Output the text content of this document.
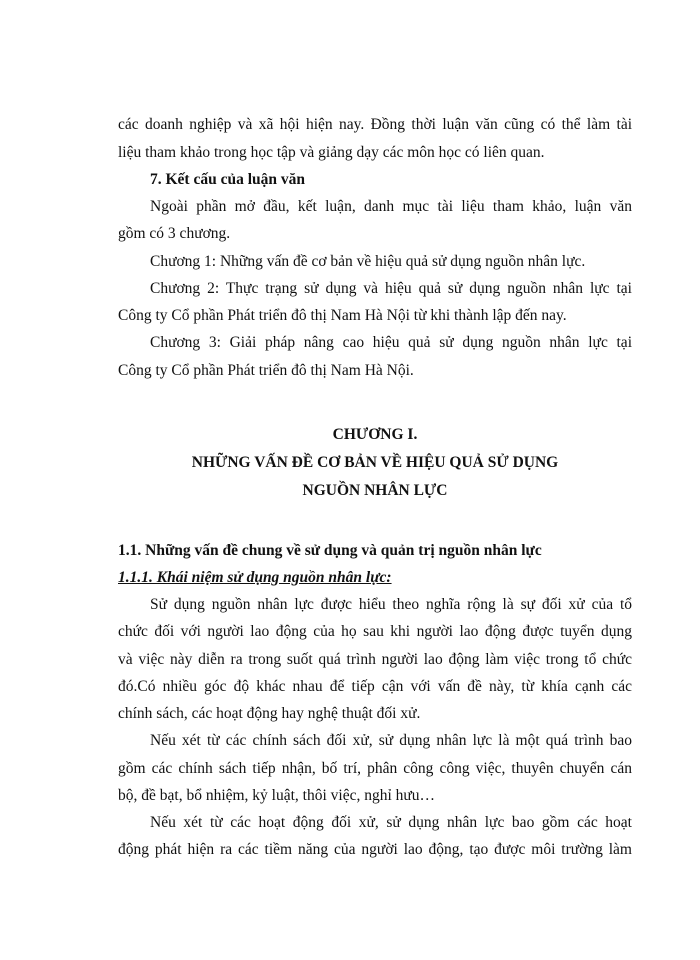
các doanh nghiệp và xã hội hiện nay. Đồng thời luận văn cũng có thể làm tài
liệu tham khảo trong học tập và giảng dạy các môn học có liên quan.
7. Kết cấu của luận văn
Ngoài phần mở đầu, kết luận, danh mục tài liệu tham khảo, luận văn
gồm có 3 chương.
Chương 1: Những vấn đề cơ bản về hiệu quả sử dụng nguồn nhân lực.
Chương 2: Thực trạng sử dụng và hiệu quả sử dụng nguồn nhân lực tại
Công ty Cổ phần Phát triển đô thị Nam Hà Nội từ khi thành lập đến nay.
Chương 3: Giải pháp nâng cao hiệu quả sử dụng nguồn nhân lực tại
Công ty Cổ phần Phát triển đô thị Nam Hà Nội.
CHƯƠNG I.
NHỮNG VẤN ĐỀ CƠ BẢN VỀ HIỆU QUẢ SỬ DỤNG
NGUỒN NHÂN LỰC
1.1. Những vấn đề chung về sử dụng và quản trị nguồn nhân lực
1.1.1. Khái niệm sử dụng nguồn nhân lực:
Sử dụng nguồn nhân lực được hiểu theo nghĩa rộng là sự đối xử của tổ
chức đối với người lao động của họ sau khi người lao động được tuyển dụng
và việc này diễn ra trong suốt quá trình người lao động làm việc trong tổ chức
đó.Có nhiều góc độ khác nhau để tiếp cận với vấn đề này, từ khía cạnh các
chính sách, các hoạt động hay nghệ thuật đối xử.
Nếu xét từ các chính sách đối xử, sử dụng nhân lực là một quá trình bao
gồm các chính sách tiếp nhận, bố trí, phân công công việc, thuyên chuyển cán
bộ, đề bạt, bổ nhiệm, kỷ luật, thôi việc, nghỉ hưu…
Nếu xét từ các hoạt động đối xử, sử dụng nhân lực bao gồm các hoạt
động phát hiện ra các tiềm năng của người lao động, tạo được môi trường làm
